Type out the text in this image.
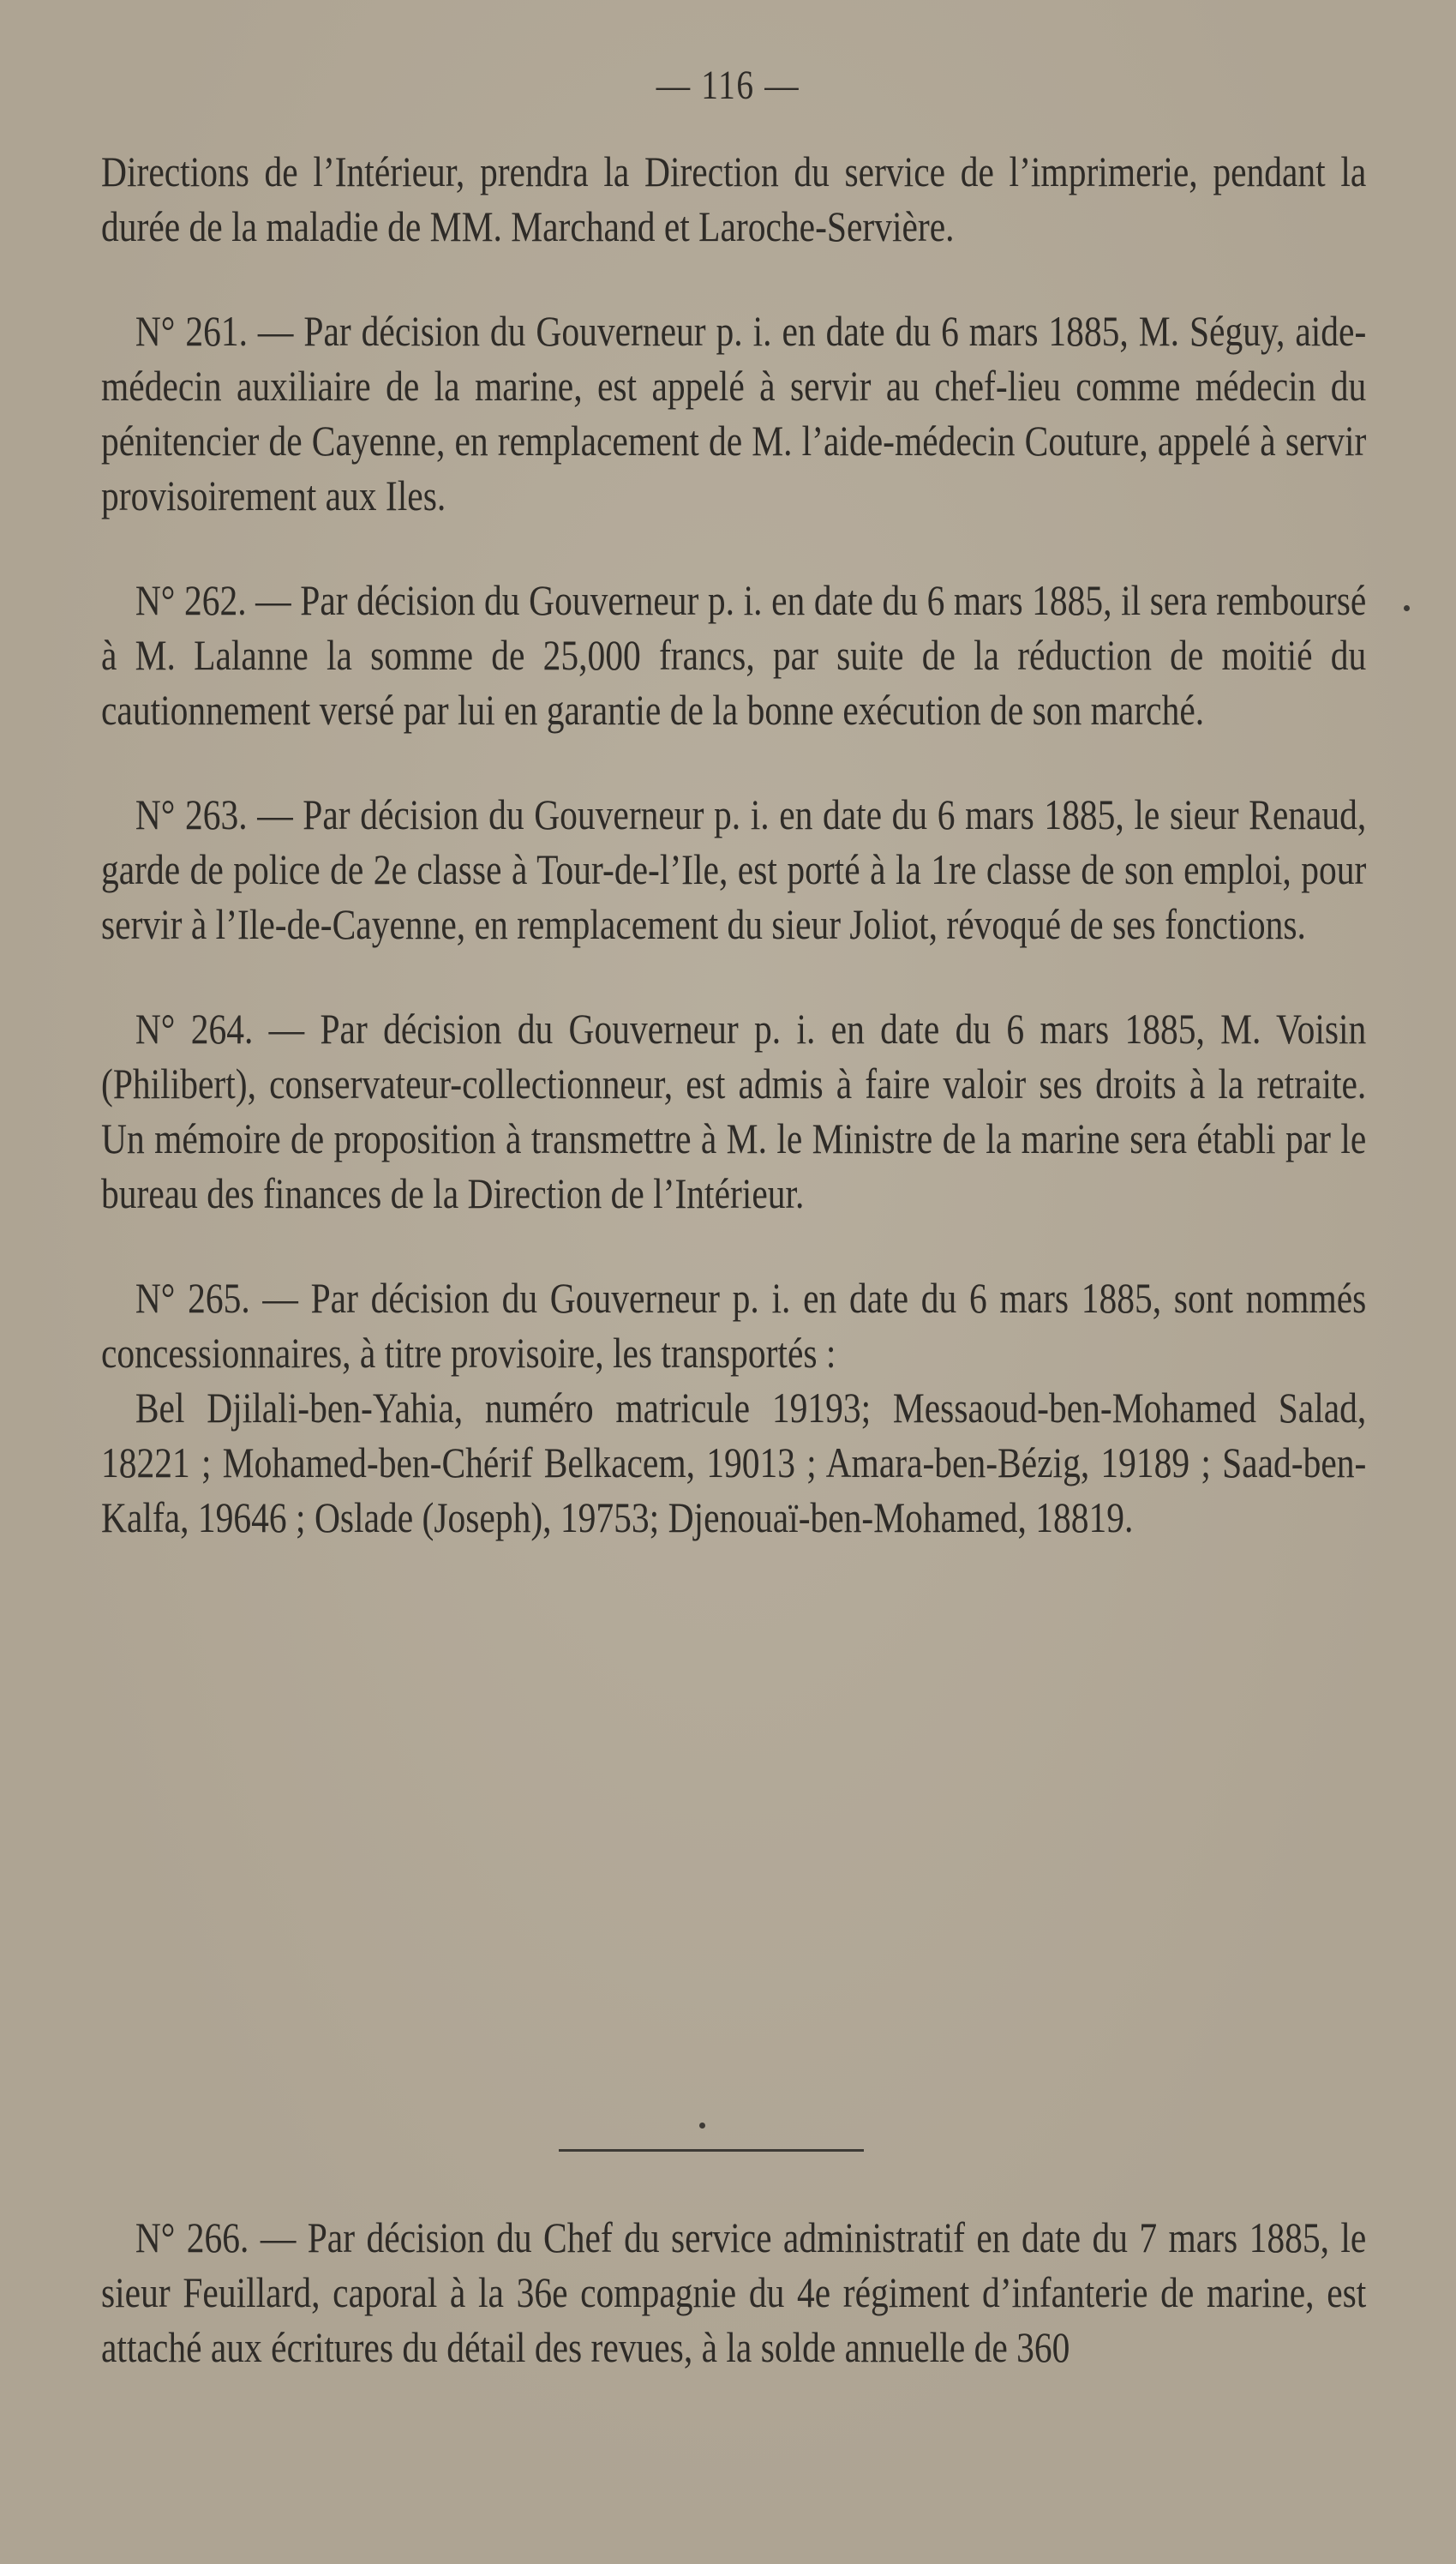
— 116 —

Directions de l’Intérieur, prendra la Direction du service de l’imprimerie, pendant la durée de la maladie de MM. Marchand et Laroche-Servière.

N° 261. — Par décision du Gouverneur p. i. en date du 6 mars 1885, M. Séguy, aide-médecin auxiliaire de la marine, est appelé à servir au chef-lieu comme médecin du pénitencier de Cayenne, en remplacement de M. l’aide-médecin Couture, appelé à servir provisoirement aux Iles.

N° 262. — Par décision du Gouverneur p. i. en date du 6 mars 1885, il sera remboursé à M. Lalanne la somme de 25,000 francs, par suite de la réduction de moitié du cautionnement versé par lui en garantie de la bonne exécution de son marché.

N° 263. — Par décision du Gouverneur p. i. en date du 6 mars 1885, le sieur Renaud, garde de police de 2e classe à Tour-de-l’Ile, est porté à la 1re classe de son emploi, pour servir à l’Ile-de-Cayenne, en remplacement du sieur Joliot, révoqué de ses fonctions.

N° 264. — Par décision du Gouverneur p. i. en date du 6 mars 1885, M. Voisin (Philibert), conservateur-collectionneur, est admis à faire valoir ses droits à la retraite. Un mémoire de proposition à transmettre à M. le Ministre de la marine sera établi par le bureau des finances de la Direction de l’Intérieur.

N° 265. — Par décision du Gouverneur p. i. en date du 6 mars 1885, sont nommés concessionnaires, à titre provisoire, les transportés :

Bel Djilali-ben-Yahia, numéro matricule 19193; Messaoud-ben-Mohamed Salad, 18221 ; Mohamed-ben-Chérif Belkacem, 19013 ; Amara-ben-Bézig, 19189 ; Saad-ben-Kalfa, 19646 ; Oslade (Joseph), 19753; Djenouaï-ben-Mohamed, 18819.

N° 266. — Par décision du Chef du service administratif en date du 7 mars 1885, le sieur Feuillard, caporal à la 36e compagnie du 4e régiment d’infanterie de marine, est attaché aux écritures du détail des revues, à la solde annuelle de 360
